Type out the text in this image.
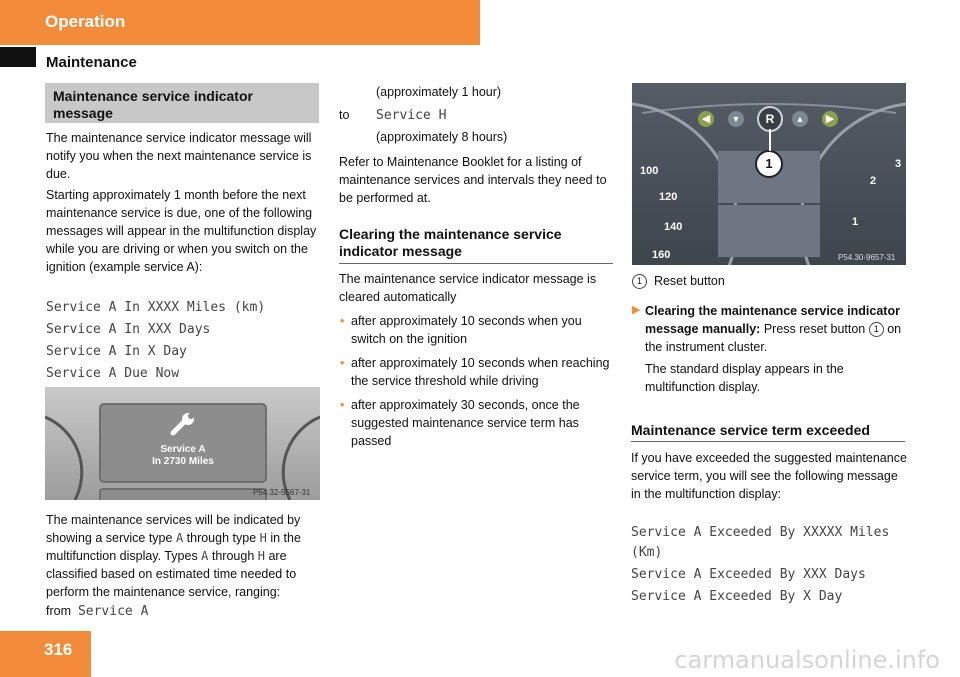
Operation
Maintenance
Maintenance service indicator message
The maintenance service indicator message will notify you when the next maintenance service is due.
Starting approximately 1 month before the next maintenance service is due, one of the following messages will appear in the multifunction display while you are driving or when you switch on the ignition (example service A):
Service A In XXXX Miles (km)
Service A In XXX Days
Service A In X Day
Service A Due Now
Service A
In 2730 Miles
P54.32-5567-31
The maintenance services will be indicated by showing a service type A through type H in the multifunction display. Types A through H are classified based on estimated time needed to perform the maintenance service, ranging:
from Service A
(approximately 1 hour)
to Service H
(approximately 8 hours)
Refer to Maintenance Booklet for a listing of maintenance services and intervals they need to be performed at.
Clearing the maintenance service indicator message
The maintenance service indicator message is cleared automatically
• after approximately 10 seconds when you switch on the ignition
• after approximately 10 seconds when reaching the service threshold while driving
• after approximately 30 seconds, once the suggested maintenance service term has passed
◀	▼	R	▲	▶
1
100
120
140
160
3
2
1
P54.30-9657-31
1 Reset button
▶ Clearing the maintenance service indicator message manually: Press reset button 1 on the instrument cluster.
The standard display appears in the multifunction display.
Maintenance service term exceeded
If you have exceeded the suggested maintenance service term, you will see the following message in the multifunction display:
Service A Exceeded By XXXXX Miles (Km)
Service A Exceeded By XXX Days
Service A Exceeded By X Day
316	carmanualsonline.info
